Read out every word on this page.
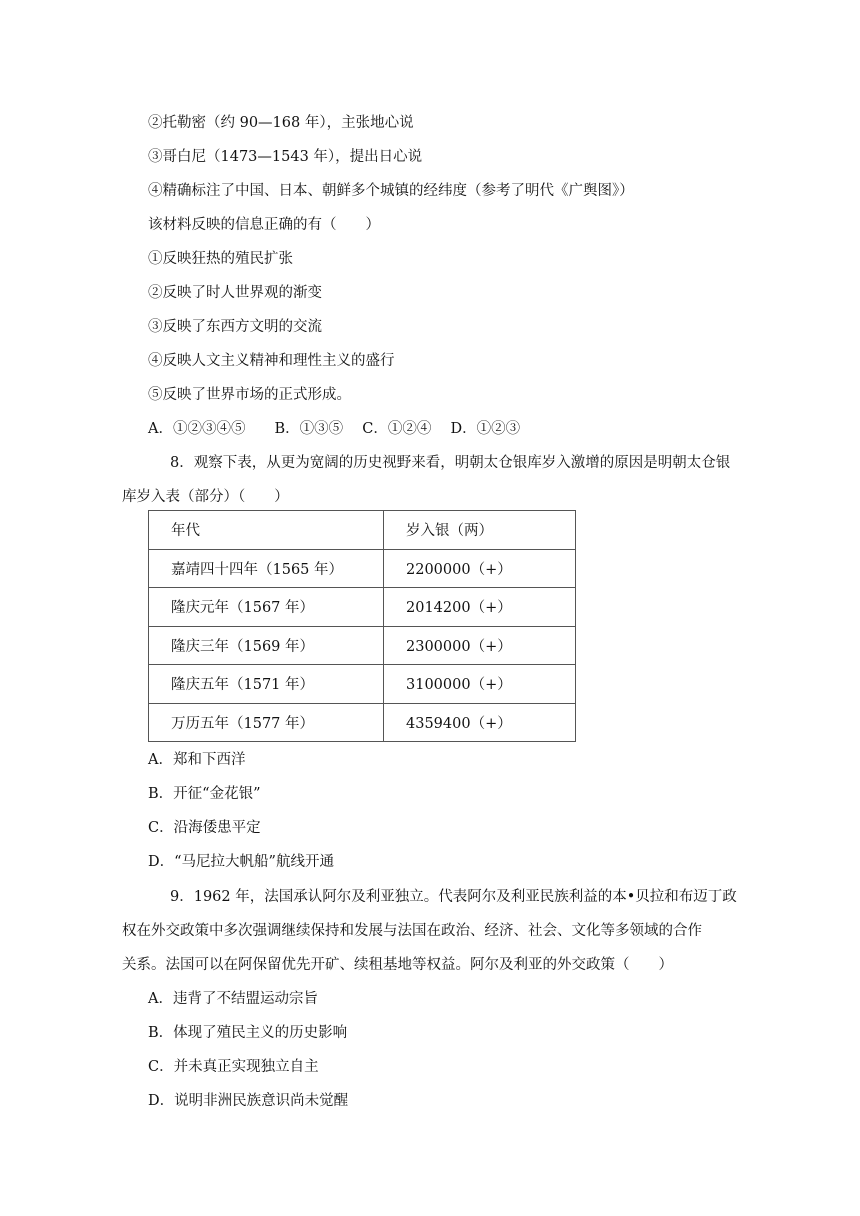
②托勒密（约 90—168 年），主张地心说
③哥白尼（1473—1543 年），提出日心说
④精确标注了中国、日本、朝鲜多个城镇的经纬度（参考了明代《广舆图》）
该材料反映的信息正确的有（　　）
①反映狂热的殖民扩张
②反映了时人世界观的渐变
③反映了东西方文明的交流
④反映人文主义精神和理性主义的盛行
⑤反映了世界市场的正式形成。
A．①②③④⑤　　B．①③⑤　 C．①②④　 D．①②③
8．观察下表，从更为宽阔的历史视野来看，明朝太仓银库岁入激增的原因是明朝太仓银
库岁入表（部分）（　　）
年代	岁入银（两）
嘉靖四十四年（1565 年）	2200000（+）
隆庆元年（1567 年）	2014200（+）
隆庆三年（1569 年）	2300000（+）
隆庆五年（1571 年）	3100000（+）
万历五年（1577 年）	4359400（+）
A．郑和下西洋
B．开征“金花银”
C．沿海倭患平定
D．“马尼拉大帆船”航线开通
9．1962 年，法国承认阿尔及利亚独立。代表阿尔及利亚民族利益的本•贝拉和布迈丁政
权在外交政策中多次强调继续保持和发展与法国在政治、经济、社会、文化等多领域的合作
关系。法国可以在阿保留优先开矿、续租基地等权益。阿尔及利亚的外交政策（　　）
A．违背了不结盟运动宗旨
B．体现了殖民主义的历史影响
C．并未真正实现独立自主
D．说明非洲民族意识尚未觉醒
